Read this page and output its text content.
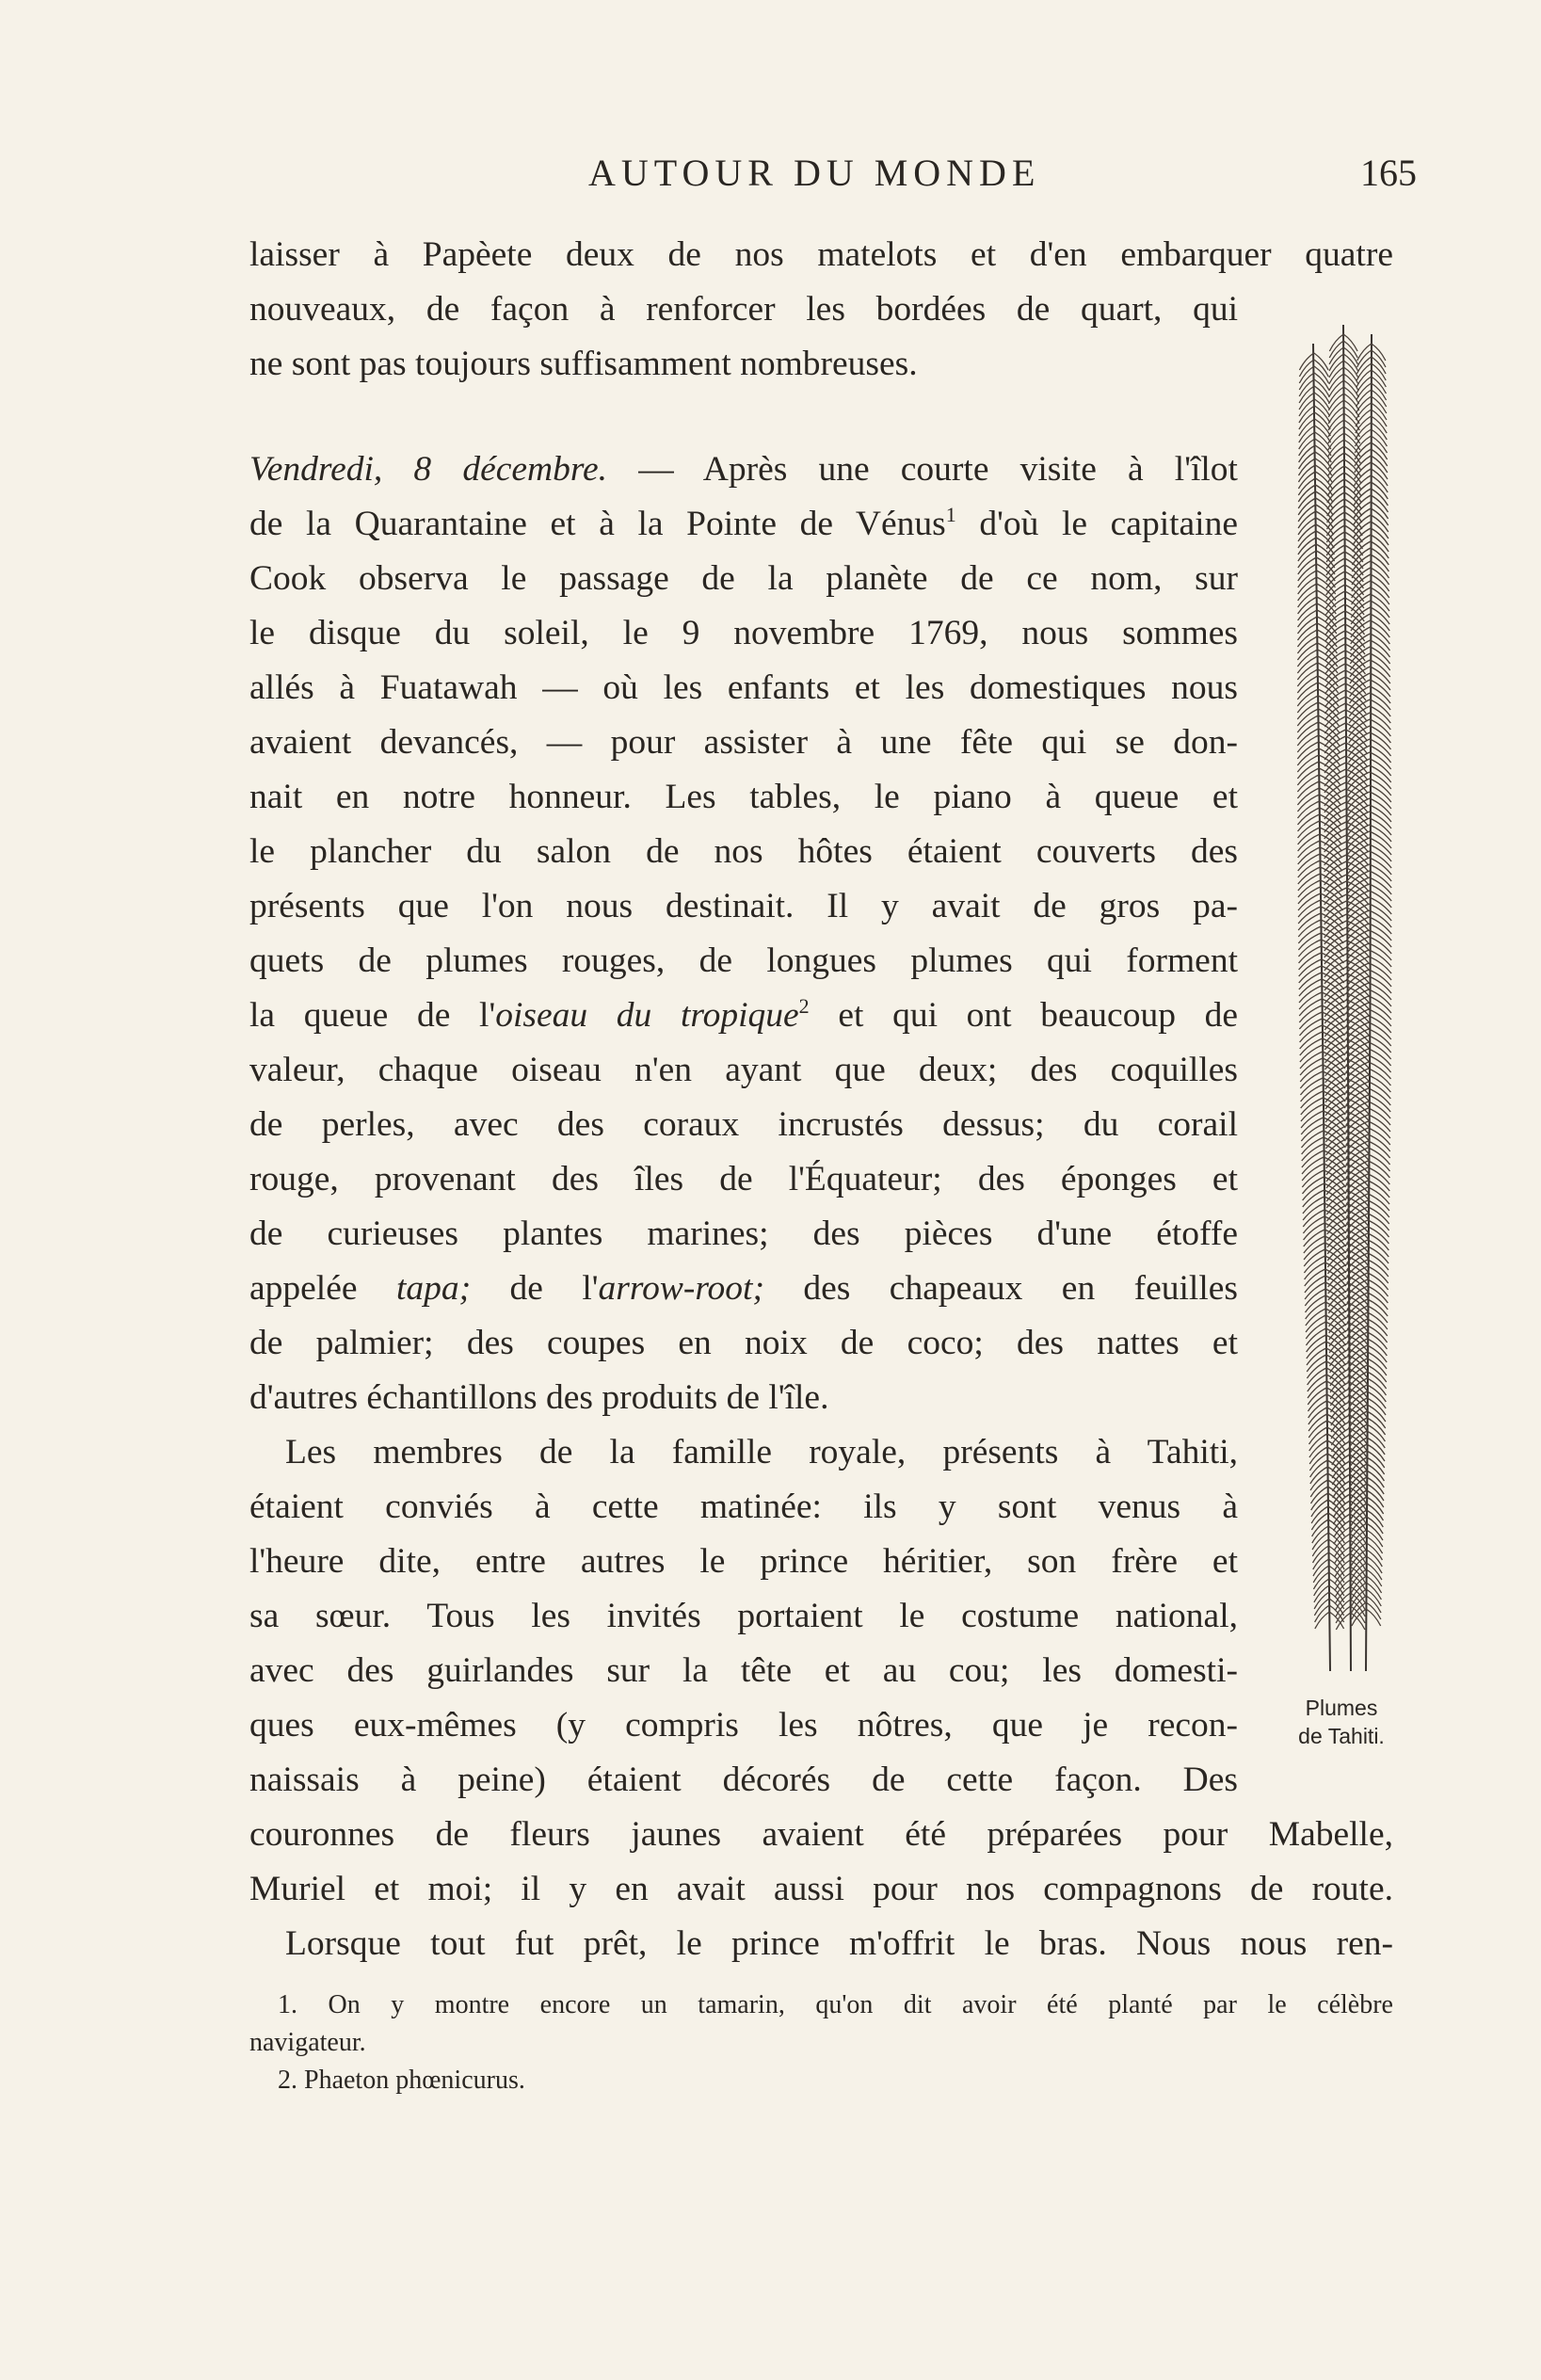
AUTOUR DU MONDE	165
laisser à Papèete deux de nos matelots et d'en embarquer quatre
nouveaux, de façon à renforcer les bordées de quart, qui
ne sont pas toujours suffisamment nombreuses.
Vendredi, 8 décembre. — Après une courte visite à l'îlot
de la Quarantaine et à la Pointe de Vénus$^1$ d'où le capitaine
Cook observa le passage de la planète de ce nom, sur
le disque du soleil, le 9 novembre 1769, nous sommes
allés à Fuatawah — où les enfants et les domestiques nous
avaient devancés, — pour assister à une fête qui se don-
nait en notre honneur. Les tables, le piano à queue et
le plancher du salon de nos hôtes étaient couverts des
présents que l'on nous destinait. Il y avait de gros pa-
quets de plumes rouges, de longues plumes qui forment
la queue de l'oiseau du tropique$^2$ et qui ont beaucoup de
valeur, chaque oiseau n'en ayant que deux; des coquilles
de perles, avec des coraux incrustés dessus; du corail
rouge, provenant des îles de l'Équateur; des éponges et
de curieuses plantes marines; des pièces d'une étoffe
appelée tapa; de l'arrow-root; des chapeaux en feuilles
de palmier; des coupes en noix de coco; des nattes et
d'autres échantillons des produits de l'île.
Les membres de la famille royale, présents à Tahiti,
étaient conviés à cette matinée: ils y sont venus à
l'heure dite, entre autres le prince héritier, son frère et
sa sœur. Tous les invités portaient le costume national,
avec des guirlandes sur la tête et au cou; les domesti-
ques eux-mêmes (y compris les nôtres, que je recon-
naissais à peine) étaient décorés de cette façon. Des
couronnes de fleurs jaunes avaient été préparées pour Mabelle,
Muriel et moi; il y en avait aussi pour nos compagnons de route.
Lorsque tout fut prêt, le prince m'offrit le bras. Nous nous ren-
Plumes
de Tahiti.
1. On y montre encore un tamarin, qu'on dit avoir été planté par le célèbre
navigateur.
2. Phaeton phœnicurus.
